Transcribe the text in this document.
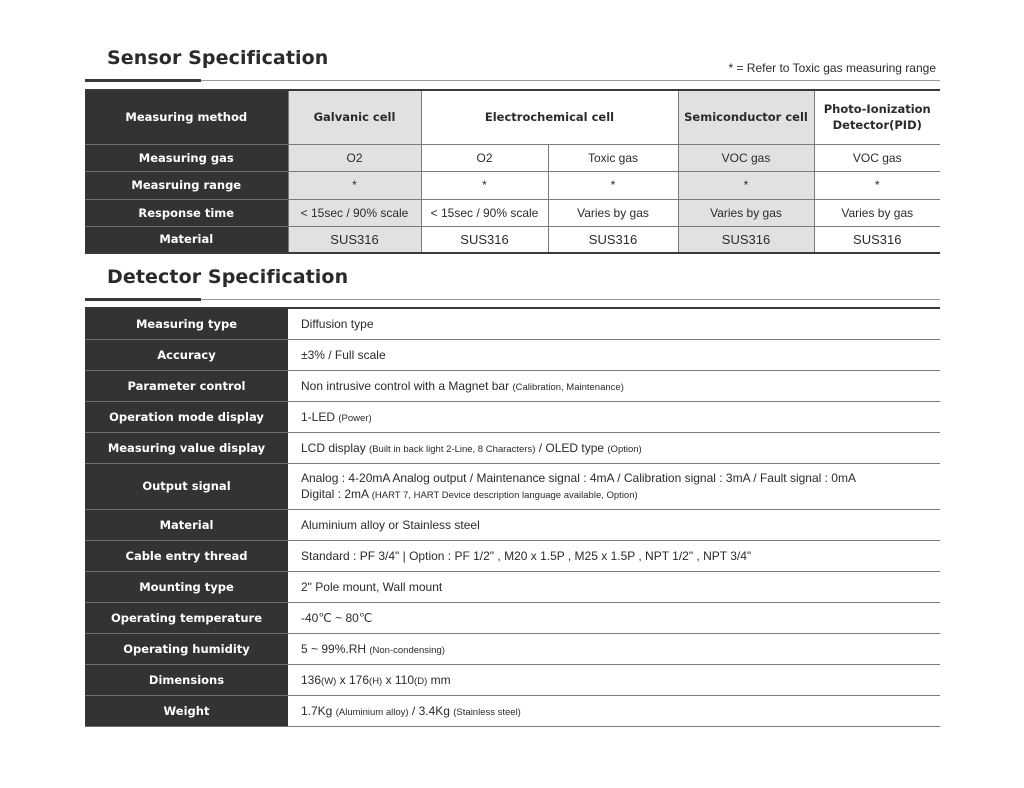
Sensor Specification	* = Refer to Toxic gas measuring range
Measuring method	Galvanic cell	Electrochemical cell		Semiconductor cell	Photo-Ionization
Detector(PID)
Measuring gas	O2	O2	Toxic gas	VOC gas	VOC gas
Measruing range	*	*	*	*	*
Response time	< 15sec / 90% scale	< 15sec / 90% scale	Varies by gas	Varies by gas	Varies by gas
Material	SUS316	SUS316	SUS316	SUS316	SUS316
Detector Specification
Measuring type	Diffusion type
Accuracy	±3% / Full scale
Parameter control	Non intrusive control with a Magnet bar (Calibration, Maintenance)
Operation mode display	1-LED (Power)
Measuring value display	LCD display (Built in back light 2-Line, 8 Characters) / OLED type (Option)
Output signal	Analog : 4-20mA Analog output / Maintenance signal : 4mA / Calibration signal : 3mA / Fault signal : 0mA
Digital : 2mA (HART 7, HART Device description language available, Option)

Material	Aluminium alloy or Stainless steel
Cable entry thread	Standard : PF 3/4" | Option : PF 1/2" , M20 x 1.5P , M25 x 1.5P , NPT 1/2" , NPT 3/4"
Mounting type	2" Pole mount, Wall mount
Operating temperature	-40℃ ~ 80℃
Operating humidity	5 ~ 99%.RH (Non-condensing)
Dimensions	136(W) x 176(H) x 110(D) mm
Weight	1.7Kg (Aluminium alloy) / 3.4Kg (Stainless steel)
